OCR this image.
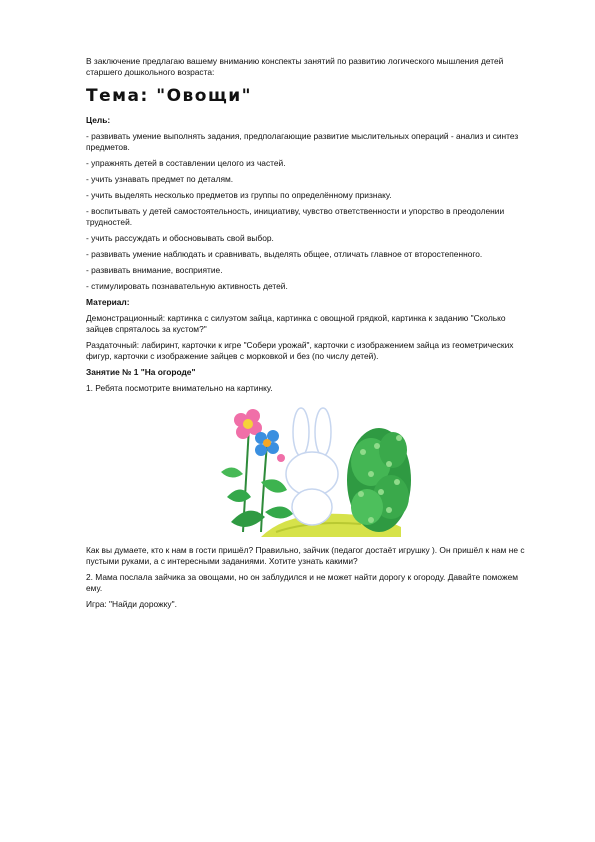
В заключение предлагаю вашему вниманию конспекты занятий по развитию логического мышления детей старшего дошкольного возраста:

Тема: "Овощи"

Цель:

- развивать умение выполнять задания, предполагающие развитие мыслительных операций - анализ и синтез предметов.

- упражнять детей в составлении целого из частей.

- учить узнавать предмет по деталям.

- учить выделять несколько предметов из группы по определённому признаку.

- воспитывать у детей самостоятельность, инициативу, чувство ответственности и упорство в преодолении трудностей.

- учить рассуждать и обосновывать свой выбор.

- развивать умение наблюдать и сравнивать, выделять общее, отличать главное от второстепенного.

- развивать внимание, восприятие.

- стимулировать познавательную активность детей.

Материал:

Демонстрационный: картинка с силуэтом зайца, картинка с овощной грядкой, картинка к заданию "Сколько зайцев спряталось за кустом?"

Раздаточный: лабиринт, карточки к игре "Собери урожай", карточки с изображением зайца из геометрических фигур, карточки с изображение зайцев с морковкой и без (по числу детей).

Занятие № 1 "На огороде"

1. Ребята посмотрите внимательно на картинку.

Как вы думаете, кто к нам в гости пришёл? Правильно, зайчик (педагог достаёт игрушку ). Он пришёл к нам не с пустыми руками, а с интересными заданиями. Хотите узнать какими?

2. Мама послала зайчика за овощами, но он заблудился и не может найти дорогу к огороду. Давайте поможем ему.

Игра: "Найди дорожку".
